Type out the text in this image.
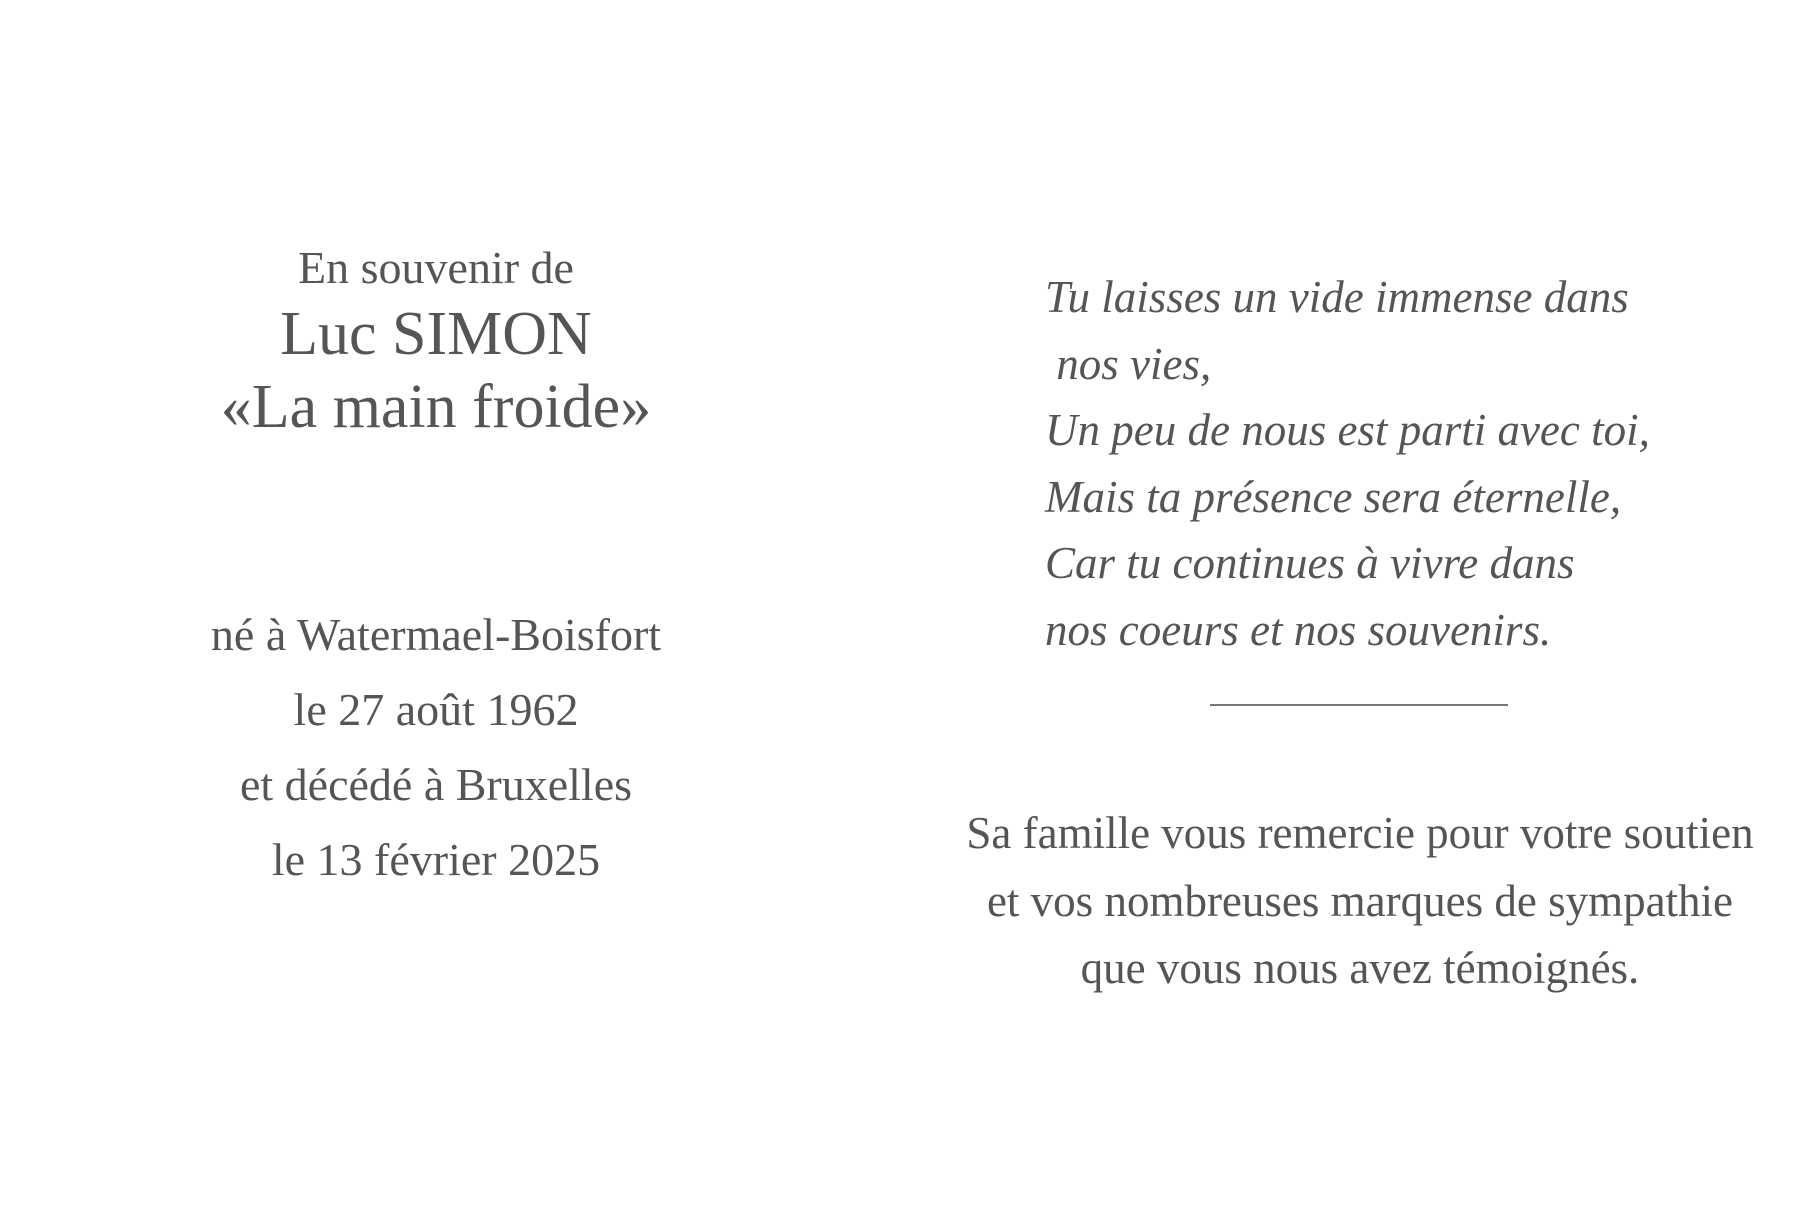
En souvenir de

Luc SIMON

«La main froide»

né à Watermael-Boisfort

le 27 août 1962

et décédé à Bruxelles

le 13 février 2025

Tu laisses un vide immense dans

nos vies,

Un peu de nous est parti avec toi,

Mais ta présence sera éternelle,

Car tu continues à vivre dans

nos coeurs et nos souvenirs.

Sa famille vous remercie pour votre soutien

et vos nombreuses marques de sympathie

que vous nous avez témoignés.
